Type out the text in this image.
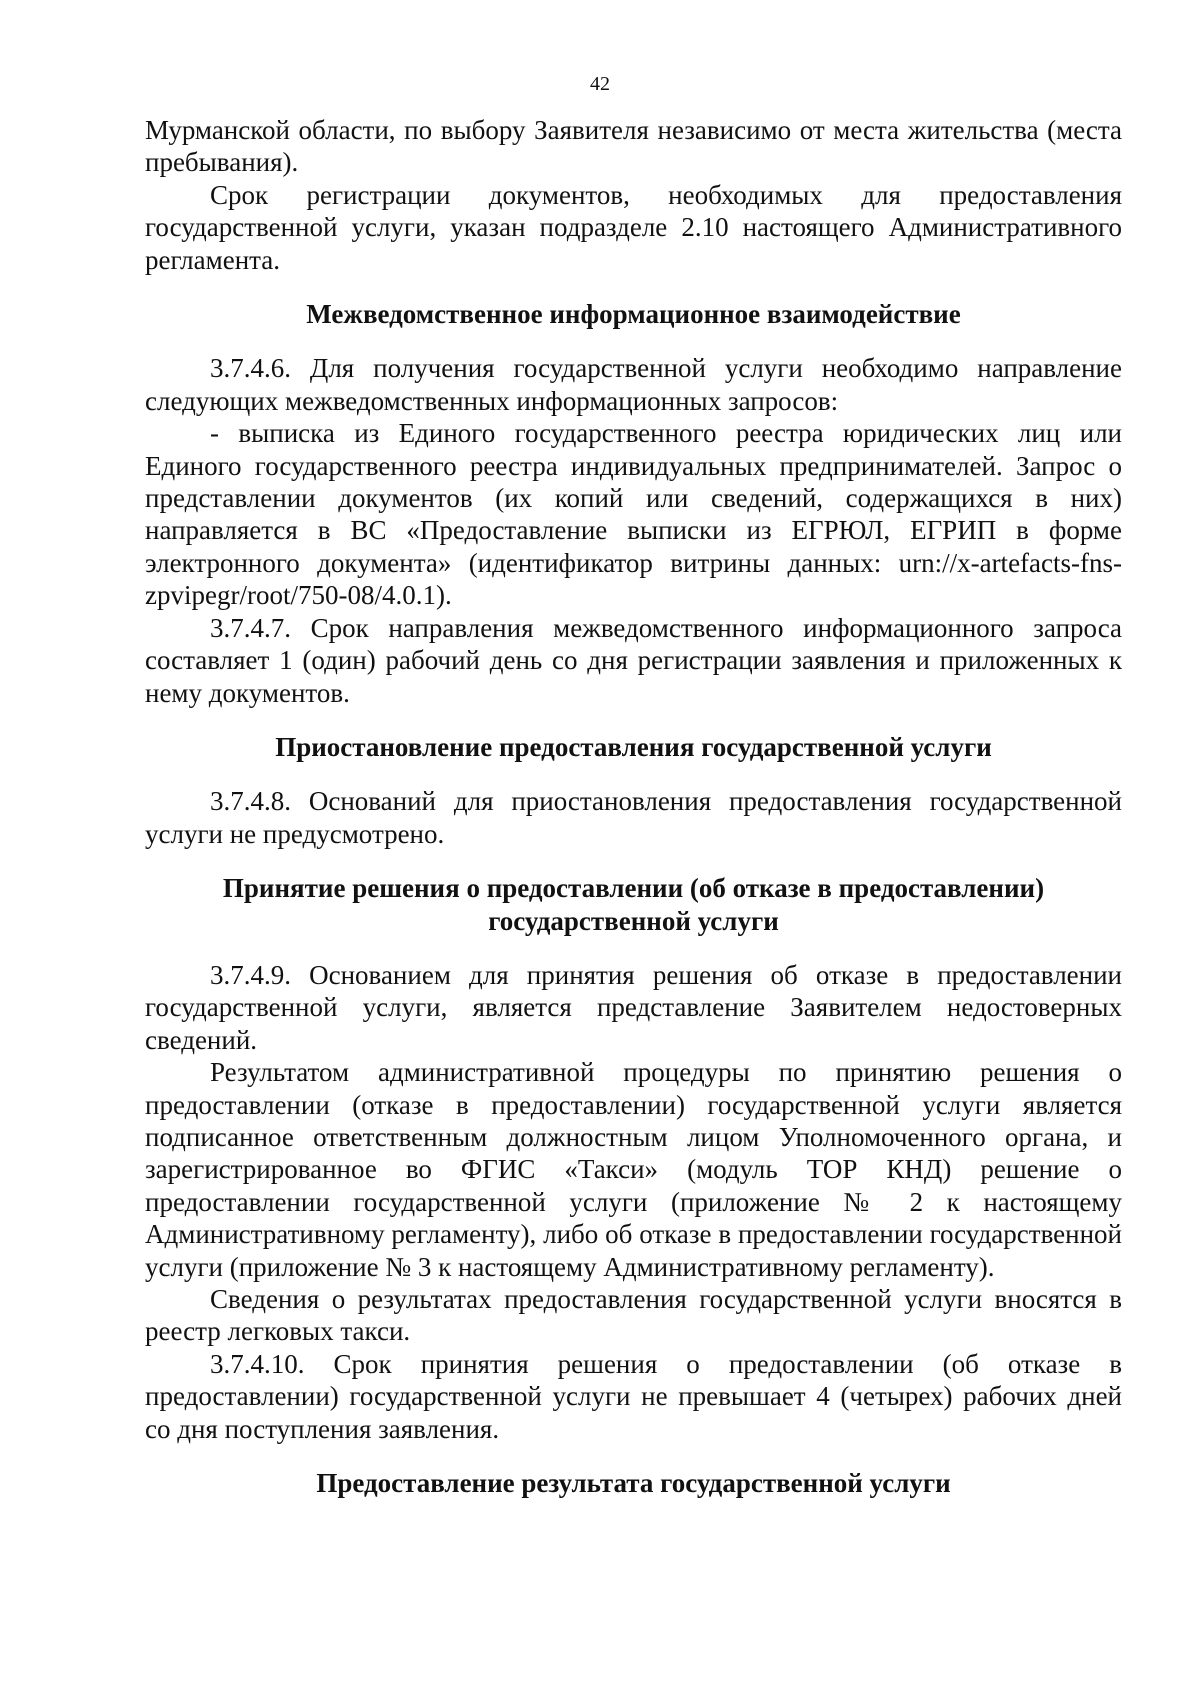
42

Мурманской области, по выбору Заявителя независимо от места жительства (места пребывания).

Срок регистрации документов, необходимых для предоставления государственной услуги, указан подразделе 2.10 настоящего Административного регламента.

Межведомственное информационное взаимодействие

3.7.4.6. Для получения государственной услуги необходимо направление следующих межведомственных информационных запросов:

- выписка из Единого государственного реестра юридических лиц или Единого государственного реестра индивидуальных предпринимателей. Запрос о представлении документов (их копий или сведений, содержащихся в них) направляется в ВС «Предоставление выписки из ЕГРЮЛ, ЕГРИП в форме электронного документа» (идентификатор витрины данных: urn://x-artefacts-fns-zpvipegr/root/750-08/4.0.1).

3.7.4.7. Срок направления межведомственного информационного запроса составляет 1 (один) рабочий день со дня регистрации заявления и приложенных к нему документов.

Приостановление предоставления государственной услуги

3.7.4.8. Оснований для приостановления предоставления государственной услуги не предусмотрено.

Принятие решения о предоставлении (об отказе в предоставлении)
государственной услуги

3.7.4.9. Основанием для принятия решения об отказе в предоставлении государственной услуги, является представление Заявителем недостоверных сведений.

Результатом административной процедуры по принятию решения о предоставлении (отказе в предоставлении) государственной услуги является подписанное ответственным должностным лицом Уполномоченного органа, и зарегистрированное во ФГИС «Такси» (модуль ТОР КНД) решение о предоставлении государственной услуги (приложение № 2 к настоящему Административному регламенту), либо об отказе в предоставлении государственной услуги (приложение № 3 к настоящему Административному регламенту).

Сведения о результатах предоставления государственной услуги вносятся в реестр легковых такси.

3.7.4.10. Срок принятия решения о предоставлении (об отказе в предоставлении) государственной услуги не превышает 4 (четырех) рабочих дней со дня поступления заявления.

Предоставление результата государственной услуги
